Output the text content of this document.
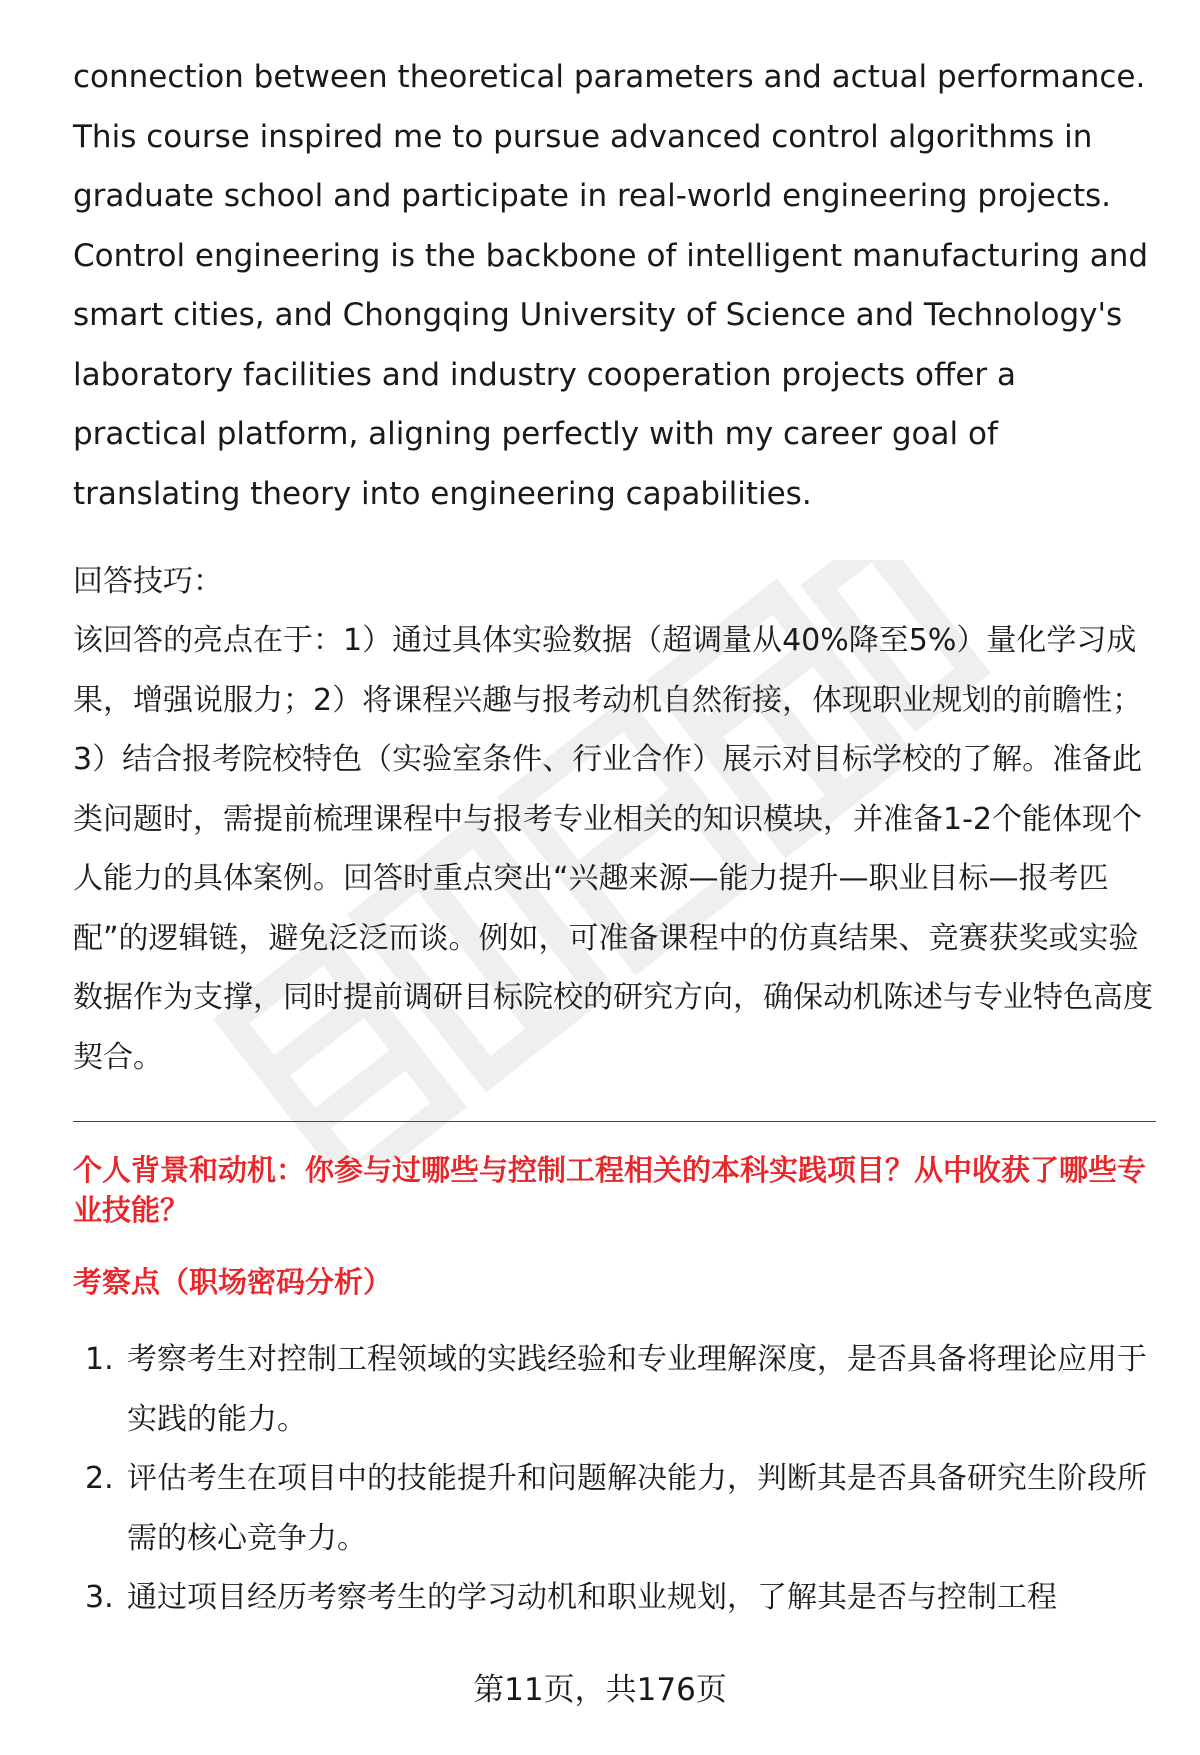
connection between theoretical parameters and actual performance. This course inspired me to pursue advanced control algorithms in graduate school and participate in real-world engineering projects. Control engineering is the backbone of intelligent manufacturing and smart cities, and Chongqing University of Science and Technology's laboratory facilities and industry cooperation projects offer a practical platform, aligning perfectly with my career goal of translating theory into engineering capabilities.

回答技巧：

该回答的亮点在于：1）通过具体实验数据（超调量从40%降至5%）量化学习成果，增强说服力；2）将课程兴趣与报考动机自然衔接，体现职业规划的前瞻性；3）结合报考院校特色（实验室条件、行业合作）展示对目标学校的了解。准备此类问题时，需提前梳理课程中与报考专业相关的知识模块，并准备1-2个能体现个人能力的具体案例。回答时重点突出“兴趣来源—能力提升—职业目标—报考匹配”的逻辑链，避免泛泛而谈。例如，可准备课程中的仿真结果、竞赛获奖或实验数据作为支撑，同时提前调研目标院校的研究方向，确保动机陈述与专业特色高度契合。

个人背景和动机：你参与过哪些与控制工程相关的本科实践项目？从中收获了哪些专业技能？
考察点（职场密码分析）
1. 考察考生对控制工程领域的实践经验和专业理解深度，是否具备将理论应用于实践的能力。
2. 评估考生在项目中的技能提升和问题解决能力，判断其是否具备研究生阶段所需的核心竞争力。
3. 通过项目经历考察考生的学习动机和职业规划，了解其是否与控制工程
第11页，共176页
